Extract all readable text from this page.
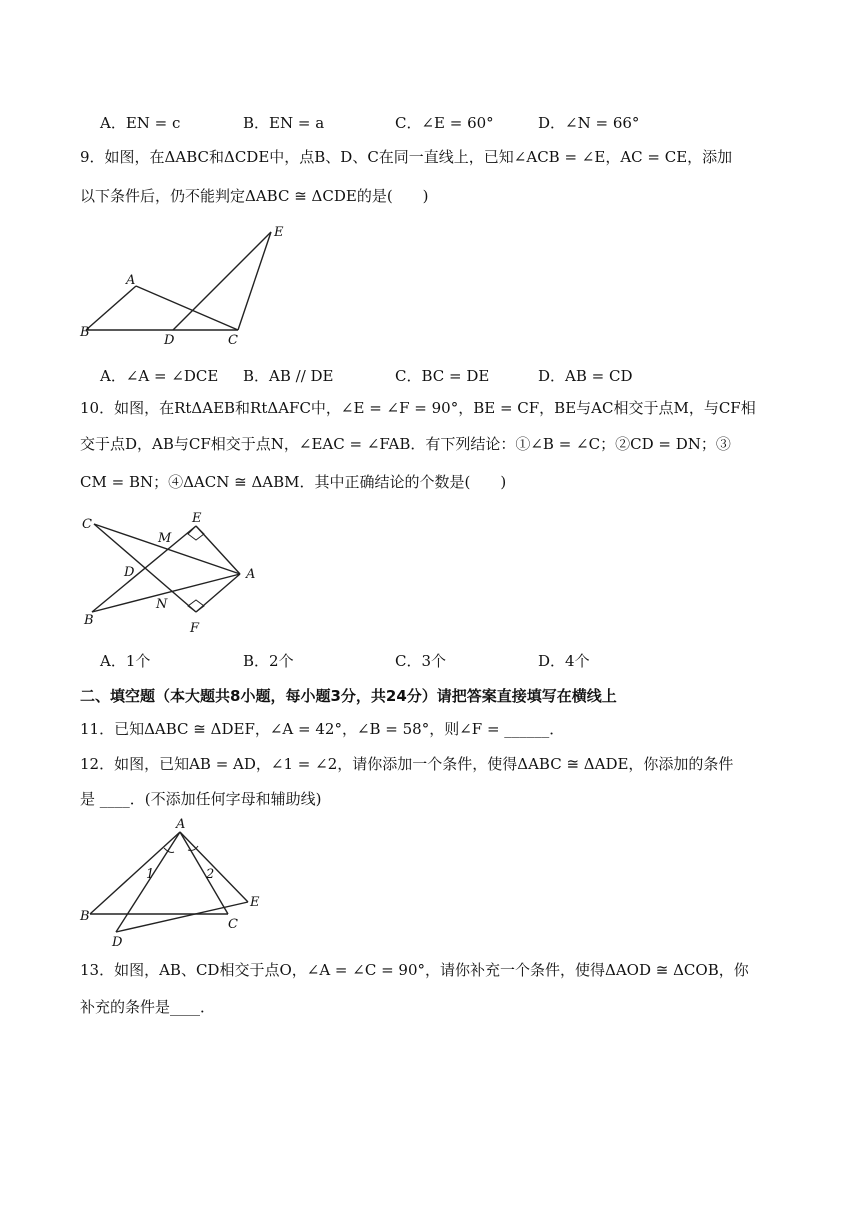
A．EN = c	B．EN = a	C．∠E = 60°	D．∠N = 66°
9．如图，在ΔABC和ΔCDE中，点B、D、C在同一直线上，已知∠ACB = ∠E，AC = CE，添加
以下条件后，仍不能判定ΔABC ≅ ΔCDE的是(　　)
E
A
B
D	C
A．∠A = ∠DCE B．AB // DE	C．BC = DE	D．AB = CD
10．如图，在RtΔAEB和RtΔAFC中，∠E = ∠F = 90°，BE = CF，BE与AC相交于点M，与CF相
交于点D，AB与CF相交于点N，∠EAC = ∠FAB．有下列结论：①∠B = ∠C；②CD = DN；③
CM = BN；④ΔACN ≅ ΔABM．其中正确结论的个数是(　　)
C	E
M
D	A
B
N
F
A．1个	B．2个	C．3个	D．4个
二、填空题（本大题共8小题，每小题3分，共24分）请把答案直接填写在横线上
11．已知ΔABC ≅ ΔDEF，∠A = 42°，∠B = 58°，则∠F = ______．
12．如图，已知AB = AD，∠1 = ∠2，请你添加一个条件，使得ΔABC ≅ ΔADE，你添加的条件
是 ____．(不添加任何字母和辅助线)
A
1	2
B
E
D
C
13．如图，AB、CD相交于点O，∠A = ∠C = 90°，请你补充一个条件，使得ΔAOD ≅ ΔCOB，你
补充的条件是____．
